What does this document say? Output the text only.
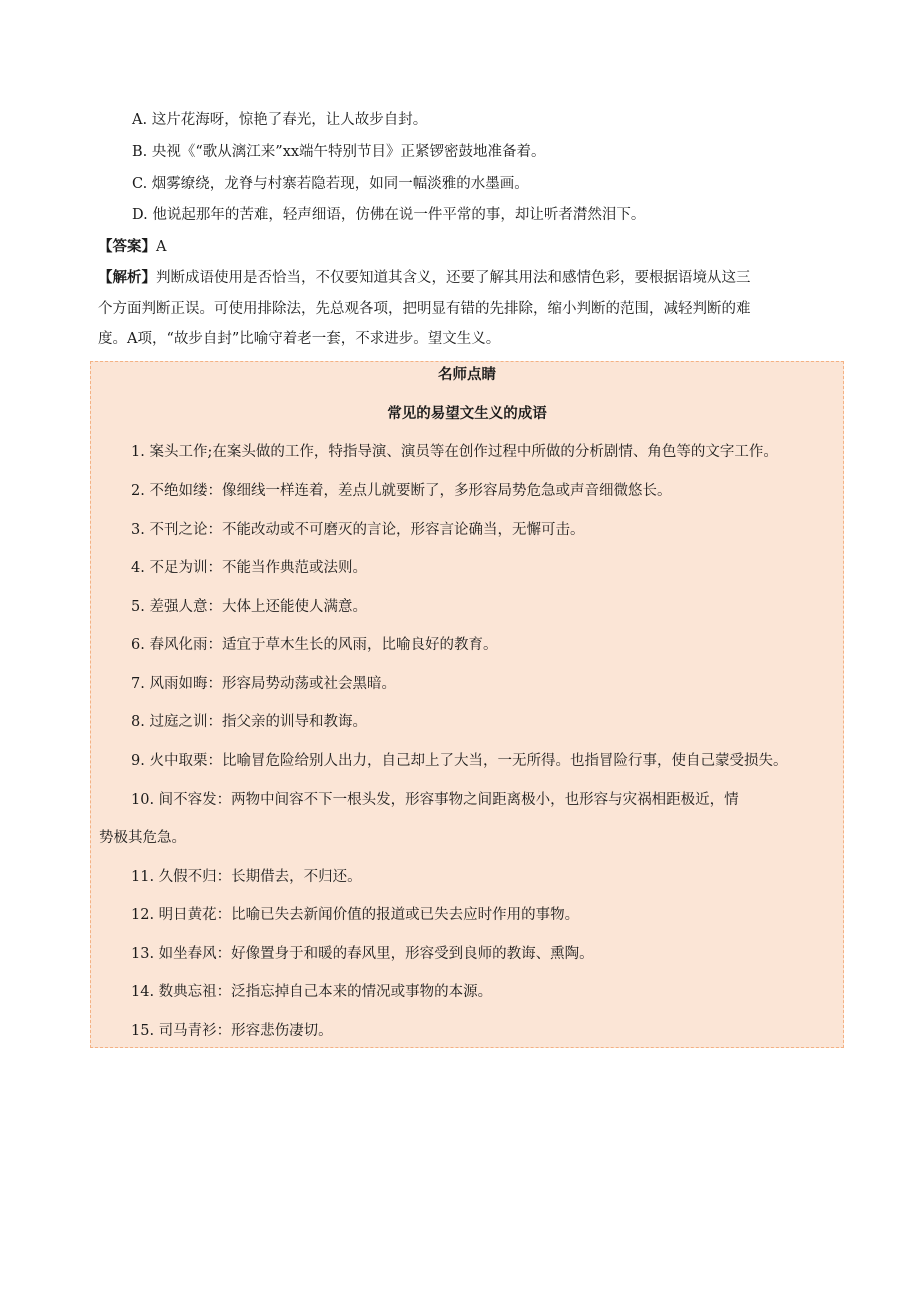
A. 这片花海呀，惊艳了春光，让人故步自封。
B. 央视《“歌从漓江来”xx端午特别节目》正紧锣密鼓地准备着。
C. 烟雾缭绕，龙脊与村寨若隐若现，如同一幅淡雅的水墨画。
D. 他说起那年的苦难，轻声细语，仿佛在说一件平常的事，却让听者潸然泪下。
【答案】A
【解析】判断成语使用是否恰当，不仅要知道其含义，还要了解其用法和感情色彩，要根据语境从这三
个方面判断正误。可使用排除法，先总观各项，把明显有错的先排除，缩小判断的范围，减轻判断的难
度。A项，“故步自封”比喻守着老一套，不求进步。望文生义。
名师点睛
常见的易望文生义的成语
1. 案头工作;在案头做的工作，特指导演、演员等在创作过程中所做的分析剧情、角色等的文字工作。
2. 不绝如缕：像细线一样连着，差点儿就要断了，多形容局势危急或声音细微悠长。
3. 不刊之论：不能改动或不可磨灭的言论，形容言论确当，无懈可击。
4. 不足为训：不能当作典范或法则。
5. 差强人意：大体上还能使人满意。
6. 春风化雨：适宜于草木生长的风雨，比喻良好的教育。
7. 风雨如晦：形容局势动荡或社会黑暗。
8. 过庭之训：指父亲的训导和教诲。
9. 火中取栗：比喻冒危险给别人出力，自己却上了大当，一无所得。也指冒险行事，使自己蒙受损失。
10. 间不容发：两物中间容不下一根头发，形容事物之间距离极小，也形容与灾祸相距极近，情
势极其危急。
11. 久假不归：长期借去，不归还。
12. 明日黄花：比喻已失去新闻价值的报道或已失去应时作用的事物。
13. 如坐春风：好像置身于和暖的春风里，形容受到良师的教诲、熏陶。
14. 数典忘祖：泛指忘掉自己本来的情况或事物的本源。
15. 司马青衫：形容悲伤凄切。
